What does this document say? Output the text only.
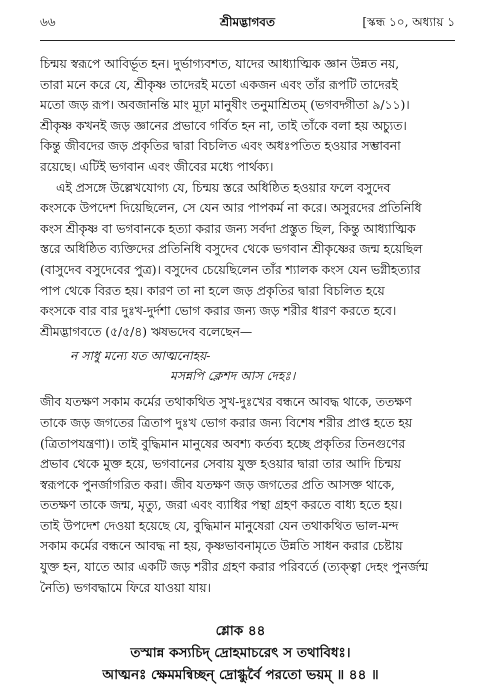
৬৬	শ্রীমদ্ভাগবত	[স্কন্ধ ১০, অধ্যায় ১

চিন্ময় স্বরূপে আবির্ভূত হন। দুর্ভাগ্যবশত, যাদের আধ্যাত্মিক জ্ঞান উন্নত নয়,
তারা মনে করে যে, শ্রীকৃষ্ণ তাদেরই মতো একজন এবং তাঁর রূপটি তাদেরই
মতো জড় রূপ। অবজানন্তি মাং মূঢ়া মানুষীং তনুমাশ্রিতম্ (ভগবদ্গীতা ৯/১১)।
শ্রীকৃষ্ণ কখনই জড় জ্ঞানের প্রভাবে গর্বিত হন না, তাই তাঁকে বলা হয় অচ্যুত।
কিন্তু জীবদের জড় প্রকৃতির দ্বারা বিচলিত এবং অধঃপতিত হওয়ার সম্ভাবনা
রয়েছে। এটিই ভগবান এবং জীবের মধ্যে পার্থক্য।

এই প্রসঙ্গে উল্লেখযোগ্য যে, চিন্ময় স্তরে অধিষ্ঠিত হওয়ার ফলে বসুদেব
কংসকে উপদেশ দিয়েছিলেন, সে যেন আর পাপকর্ম না করে। অসুরদের প্রতিনিধি
কংস শ্রীকৃষ্ণ বা ভগবানকে হত্যা করার জন্য সর্বদা প্রস্তুত ছিল, কিন্তু আধ্যাত্মিক
স্তরে অধিষ্ঠিত ব্যক্তিদের প্রতিনিধি বসুদেব থেকে ভগবান শ্রীকৃষ্ণের জন্ম হয়েছিল
(বাসুদেব বসুদেবের পুত্র)। বসুদেব চেয়েছিলেন তাঁর শ্যালক কংস যেন ভগ্নীহত্যার
পাপ থেকে বিরত হয়। কারণ তা না হলে জড় প্রকৃতির দ্বারা বিচলিত হয়ে
কংসকে বার বার দুঃখ-দুর্দশা ভোগ করার জন্য জড় শরীর ধারণ করতে হবে।
শ্রীমদ্ভাগবতে (৫/৫/৪) ঋষভদেব বলেছেন—

ন সাধু মন্যে যত আত্মনোহয়-
মসন্নপি ক্লেশদ আস দেহঃ।

জীব যতক্ষণ সকাম কর্মের তথাকথিত সুখ-দুঃখের বন্ধনে আবদ্ধ থাকে, ততক্ষণ
তাকে জড় জগতের ত্রিতাপ দুঃখ ভোগ করার জন্য বিশেষ শরীর প্রাপ্ত হতে হয়
(ত্রিতাপযন্ত্রণা)। তাই বুদ্ধিমান মানুষের অবশ্য কর্তব্য হচ্ছে প্রকৃতির তিনগুণের
প্রভাব থেকে মুক্ত হয়ে, ভগবানের সেবায় যুক্ত হওয়ার দ্বারা তার আদি চিন্ময়
স্বরূপকে পুনর্জাগরিত করা। জীব যতক্ষণ জড় জগতের প্রতি আসক্ত থাকে,
ততক্ষণ তাকে জন্ম, মৃত্যু, জরা এবং ব্যাধির পন্থা গ্রহণ করতে বাধ্য হতে হয়।
তাই উপদেশ দেওয়া হয়েছে যে, বুদ্ধিমান মানুষেরা যেন তথাকথিত ভাল-মন্দ
সকাম কর্মের বন্ধনে আবদ্ধ না হয়, কৃষ্ণভাবনামৃতে উন্নতি সাধন করার চেষ্টায়
যুক্ত হন, যাতে আর একটি জড় শরীর গ্রহণ করার পরিবর্তে (ত্যক্ত্বা দেহং পুনর্জন্ম
নৈতি) ভগবদ্ধামে ফিরে যাওয়া যায়।

শ্লোক ৪৪
তস্মান্ন কস্যচিদ্ দ্রোহমাচরেৎ স তথাবিধঃ।
আত্মনঃ ক্ষেমমন্বিচ্ছন্ দ্রোগ্ধুর্বৈ পরতো ভয়ম্ ॥ ৪৪ ॥
